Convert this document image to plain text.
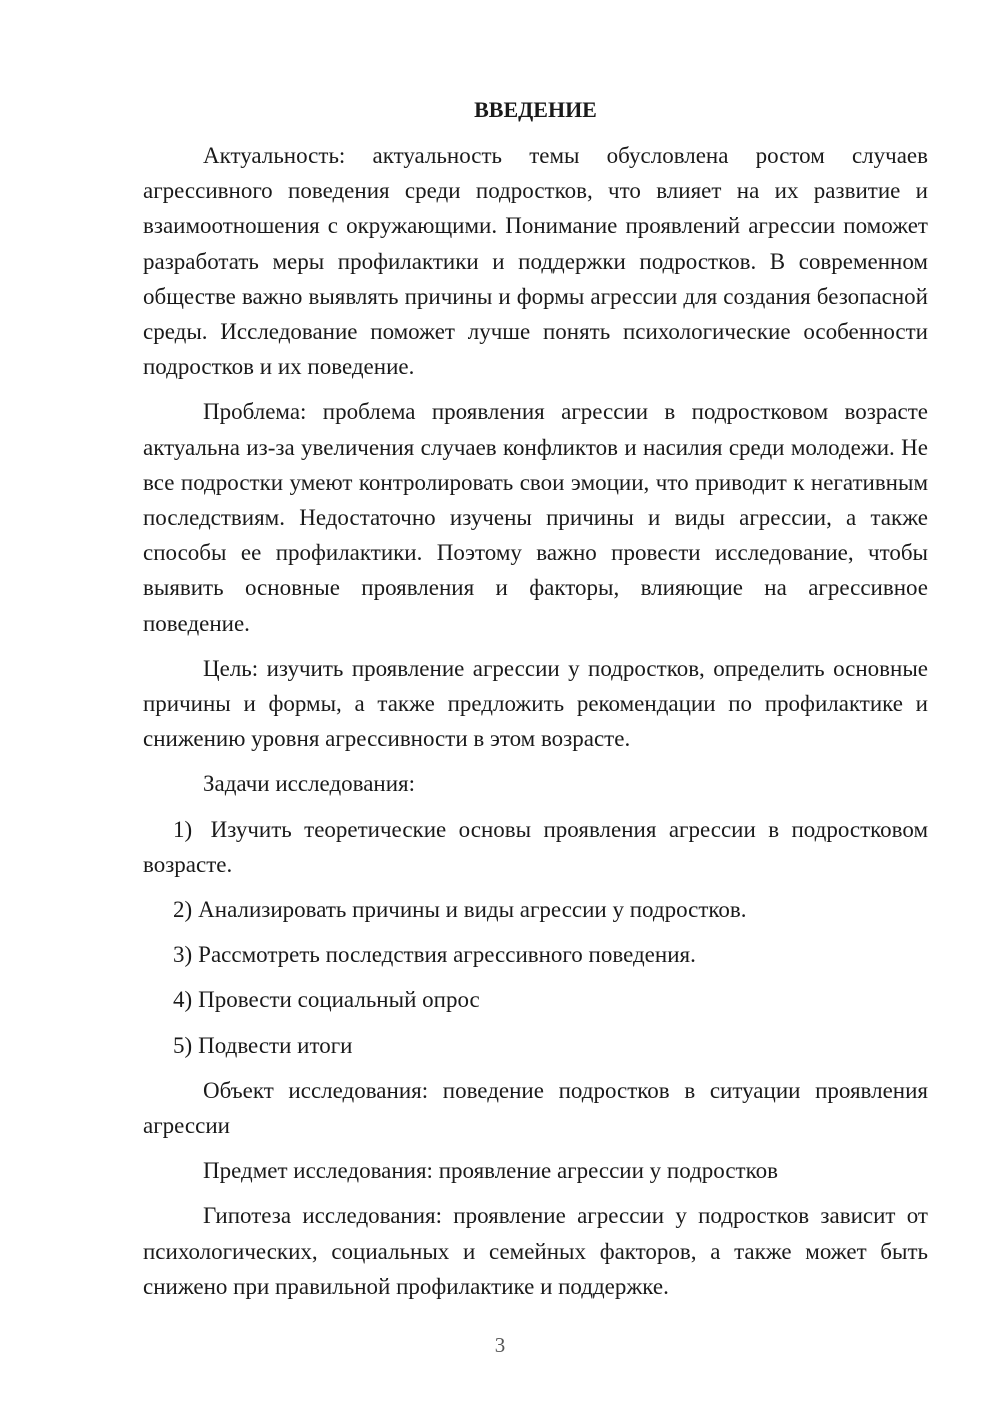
ВВЕДЕНИЕ

Актуальность: актуальность темы обусловлена ростом случаев агрессивного поведения среди подростков, что влияет на их развитие и взаимоотношения с окружающими. Понимание проявлений агрессии поможет разработать меры профилактики и поддержки подростков. В современном обществе важно выявлять причины и формы агрессии для создания безопасной среды. Исследование поможет лучше понять психологические особенности подростков и их поведение.

Проблема: проблема проявления агрессии в подростковом возрасте актуальна из-за увеличения случаев конфликтов и насилия среди молодежи. Не все подростки умеют контролировать свои эмоции, что приводит к негативным последствиям. Недостаточно изучены причины и виды агрессии, а также способы ее профилактики. Поэтому важно провести исследование, чтобы выявить основные проявления и факторы, влияющие на агрессивное поведение.

Цель: изучить проявление агрессии у подростков, определить основные причины и формы, а также предложить рекомендации по профилактике и снижению уровня агрессивности в этом возрасте.

Задачи исследования:

1) Изучить теоретические основы проявления агрессии в подростковом возрасте.

2) Анализировать причины и виды агрессии у подростков.

3) Рассмотреть последствия агрессивного поведения.

4) Провести социальный опрос

5) Подвести итоги

Объект исследования: поведение подростков в ситуации проявления агрессии

Предмет исследования: проявление агрессии у подростков

Гипотеза исследования: проявление агрессии у подростков зависит от психологических, социальных и семейных факторов, а также может быть снижено при правильной профилактике и поддержке.

3
